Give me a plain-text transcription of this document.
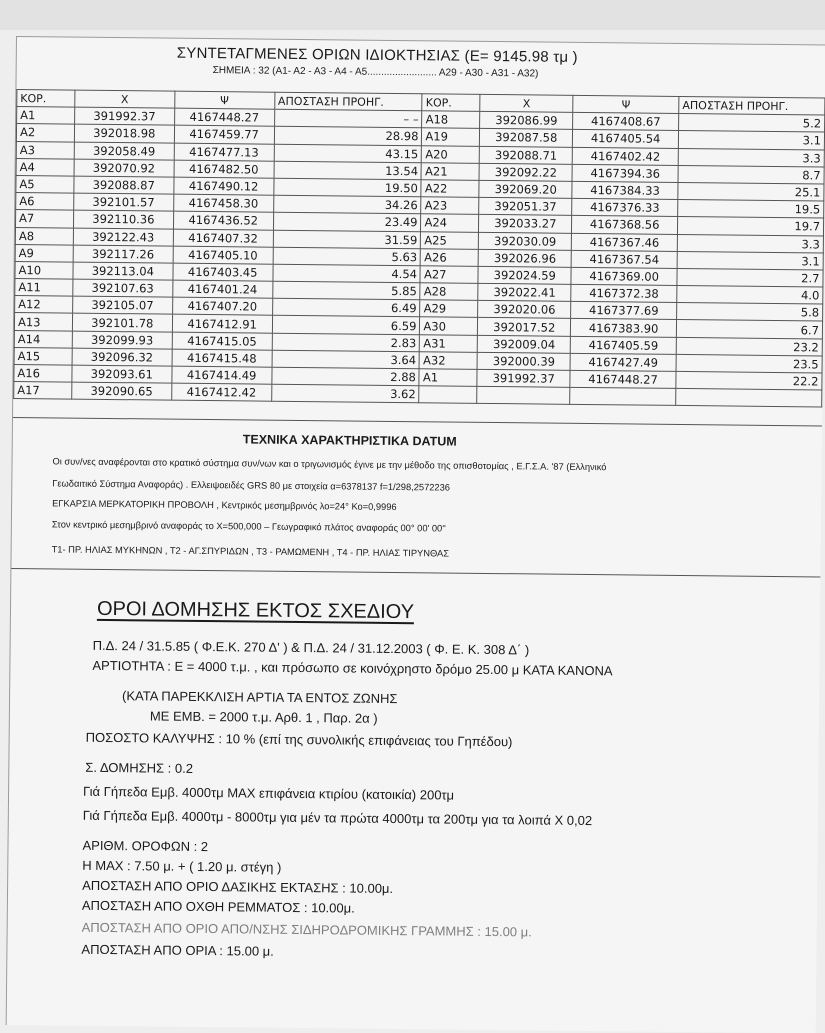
ΣΥΝΤΕΤΑΓΜΕΝΕΣ ΟΡΙΩΝ ΙΔΙΟΚΤΗΣΙΑΣ (Ε= 9145.98 τμ )
ΣΗΜΕΙΑ : 32 (Α1- Α2 - Α3 - Α4 - Α5......................... Α29 - Α30 - Α31 - Α32)
ΚΟΡ.	Χ	Ψ	ΑΠΟΣΤΑΣΗ ΠΡΟΗΓ.	ΚΟΡ.	Χ	Ψ	ΑΠΟΣΤΑΣΗ ΠΡΟΗΓ.
Α1	391992.37	4167448.27	– –	Α18	392086.99	4167408.67	5.2
Α2	392018.98	4167459.77	28.98	Α19	392087.58	4167405.54	3.1
Α3	392058.49	4167477.13	43.15	Α20	392088.71	4167402.42	3.3
Α4	392070.92	4167482.50	13.54	Α21	392092.22	4167394.36	8.7
Α5	392088.87	4167490.12	19.50	Α22	392069.20	4167384.33	25.1
Α6	392101.57	4167458.30	34.26	Α23	392051.37	4167376.33	19.5
Α7	392110.36	4167436.52	23.49	Α24	392033.27	4167368.56	19.7
Α8	392122.43	4167407.32	31.59	Α25	392030.09	4167367.46	3.3
Α9	392117.26	4167405.10	5.63	Α26	392026.96	4167367.54	3.1
Α10	392113.04	4167403.45	4.54	Α27	392024.59	4167369.00	2.7
Α11	392107.63	4167401.24	5.85	Α28	392022.41	4167372.38	4.0
Α12	392105.07	4167407.20	6.49	Α29	392020.06	4167377.69	5.8
Α13	392101.78	4167412.91	6.59	Α30	392017.52	4167383.90	6.7
Α14	392099.93	4167415.05	2.83	Α31	392009.04	4167405.59	23.2
Α15	392096.32	4167415.48	3.64	Α32	392000.39	4167427.49	23.5
Α16	392093.61	4167414.49	2.88	Α1	391992.37	4167448.27	22.2
Α17	392090.65	4167412.42	3.62				
ΤΕΧΝΙΚΑ ΧΑΡΑΚΤΗΡΙΣΤΙΚΑ DATUM
Οι συν/νες αναφέρονται στο κρατικό σύστημα συν/νων και ο τριγωνισμός έγινε με την μέθοδο της οπισθοτομίας , Ε.Γ.Σ.Α. '87 (Ελληνικό
Γεωδαιτικό Σύστημα Αναφοράς) . Ελλειψοειδές GRS 80 με στοιχεία α=6378137 f=1/298,2572236
ΕΓΚΑΡΣΙΑ ΜΕΡΚΑΤΟΡΙΚΗ ΠΡΟΒΟΛΗ , Κεντρικός μεσημβρινός λο=24° Κο=0,9996
Στον κεντρικό μεσημβρινό αναφοράς το Χ=500,000 – Γεωγραφικό πλάτος αναφοράς 00° 00' 00''
Τ1- ΠΡ. ΗΛΙΑΣ ΜΥΚΗΝΩΝ , Τ2 - ΑΓ.ΣΠΥΡΙΔΩΝ , Τ3 - ΡΑΜΩΜΕΝΗ , Τ4 - ΠΡ. ΗΛΙΑΣ ΤΙΡΥΝΘΑΣ
ΟΡΟΙ ΔΟΜΗΣΗΣ ΕΚΤΟΣ ΣΧΕΔΙΟΥ
Π.Δ. 24 / 31.5.85 ( Φ.Ε.Κ. 270 Δ' ) & Π.Δ. 24 / 31.12.2003 ( Φ. Ε. Κ. 308 Δ΄ )
ΑΡΤΙΟΤΗΤΑ : Ε = 4000 τ.μ. , και πρόσωπο σε κοινόχρηστο δρόμο 25.00 μ ΚΑΤΑ ΚΑΝΟΝΑ
(ΚΑΤΑ ΠΑΡΕΚΚΛΙΣΗ ΑΡΤΙΑ ΤΑ ΕΝΤΟΣ ΖΩΝΗΣ
ΜΕ ΕΜΒ. = 2000 τ.μ. Αρθ. 1 , Παρ. 2α )
ΠΟΣΟΣΤΟ ΚΑΛΥΨΗΣ : 10 % (επί της συνολικής επιφάνειας του Γηπέδου)
Σ. ΔΟΜΗΣΗΣ : 0.2
Γιά Γήπεδα Εμβ. 4000τμ MAX επιφάνεια κτιρίου (κατοικία) 200τμ
Γιά Γήπεδα Εμβ. 4000τμ - 8000τμ για μέν τα πρώτα 4000τμ τα 200τμ για τα λοιπά Χ 0,02
ΑΡΙΘΜ. ΟΡΟΦΩΝ : 2
Η MAX : 7.50 μ. + ( 1.20 μ. στέγη )
ΑΠΟΣΤΑΣΗ ΑΠΟ ΟΡΙΟ ΔΑΣΙΚΗΣ ΕΚΤΑΣΗΣ : 10.00μ.
ΑΠΟΣΤΑΣΗ ΑΠΟ ΟΧΘΗ ΡΕΜΜΑΤΟΣ : 10.00μ.
ΑΠΟΣΤΑΣΗ ΑΠΟ ΟΡΙΟ ΑΠΟ/ΝΣΗΣ ΣΙΔΗΡΟΔΡΟΜΙΚΗΣ ΓΡΑΜΜΗΣ : 15.00 μ.
ΑΠΟΣΤΑΣΗ ΑΠΟ ΟΡΙΑ : 15.00 μ.
